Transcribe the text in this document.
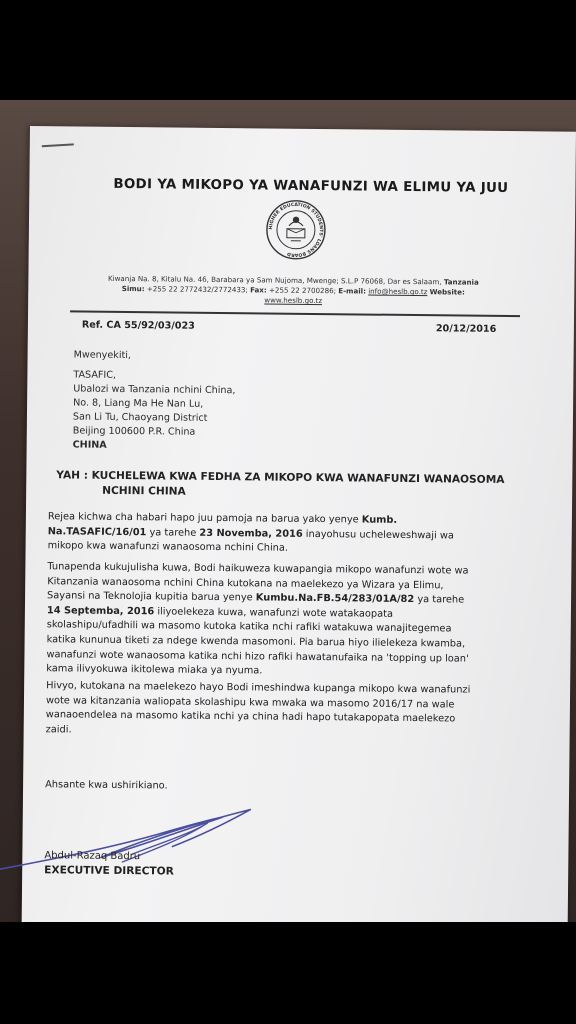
BODI YA MIKOPO YA WANAFUNZI WA ELIMU YA JUU
HIGHER EDUCATION STUDENTS' LOANS BOARD
Kiwanja Na. 8, Kitalu Na. 46, Barabara ya Sam Nujoma, Mwenge; S.L.P 76068, Dar es Salaam, Tanzania
Simu: +255 22 2772432/2772433; Fax: +255 22 2700286; E-mail: info@heslb.go.tz Website:
www.heslb.go.tz
Ref. CA 55/92/03/023	20/12/2016
Mwenyekiti,
TASAFIC,
Ubalozi wa Tanzania nchini China,
No. 8, Liang Ma He Nan Lu,
San Li Tu, Chaoyang District
Beijing 100600 P.R. China
CHINA
YAH : KUCHELEWA KWA FEDHA ZA MIKOPO KWA WANAFUNZI WANAOSOMA
NCHINI CHINA
Rejea kichwa cha habari hapo juu pamoja na barua yako yenye Kumb.
Na.TASAFIC/16/01 ya tarehe 23 Novemba, 2016 inayohusu ucheleweshwaji wa
mikopo kwa wanafunzi wanaosoma nchini China.
Tunapenda kukujulisha kuwa, Bodi haikuweza kuwapangia mikopo wanafunzi wote wa
Kitanzania wanaosoma nchini China kutokana na maelekezo ya Wizara ya Elimu,
Sayansi na Teknolojia kupitia barua yenye Kumbu.Na.FB.54/283/01A/82 ya tarehe
14 Septemba, 2016 iliyoelekeza kuwa, wanafunzi wote watakaopata
skolashipu/ufadhili wa masomo kutoka katika nchi rafiki watakuwa wanajitegemea
katika kununua tiketi za ndege kwenda masomoni. Pia barua hiyo ilielekeza kwamba,
wanafunzi wote wanaosoma katika nchi hizo rafiki hawatanufaika na 'topping up loan'
kama ilivyokuwa ikitolewa miaka ya nyuma.
Hivyo, kutokana na maelekezo hayo Bodi imeshindwa kupanga mikopo kwa wanafunzi
wote wa kitanzania waliopata skolashipu kwa mwaka wa masomo 2016/17 na wale
wanaoendelea na masomo katika nchi ya china hadi hapo tutakapopata maelekezo
zaidi.
Ahsante kwa ushirikiano.
Abdul-Razaq Badru
EXECUTIVE DIRECTOR
